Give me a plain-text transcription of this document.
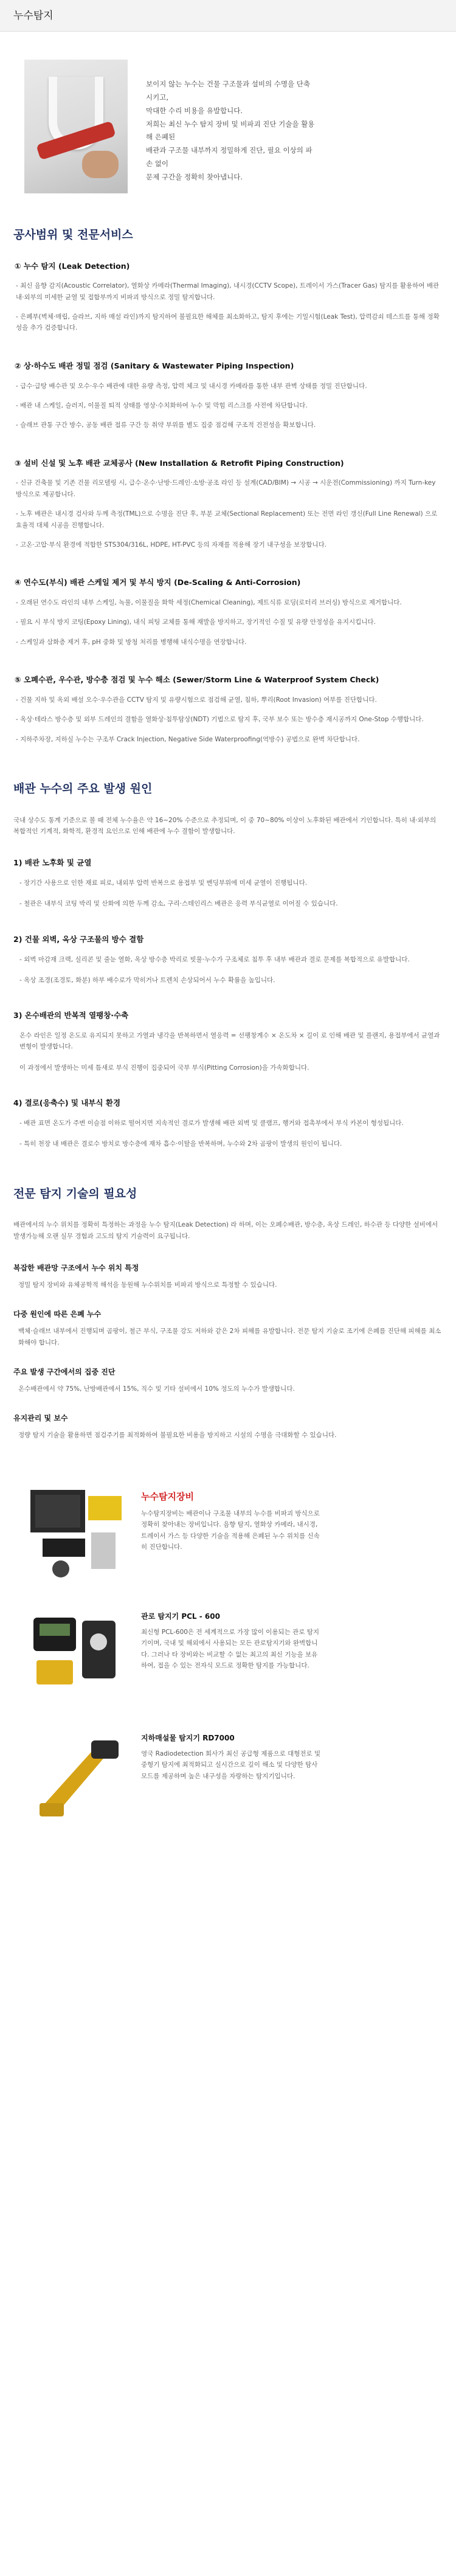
누수탐지

보이지 않는 누수는 건물 구조물과 설비의 수명을 단축시키고,

막대한 수리 비용을 유발합니다.

저희는 최신 누수 탐지 장비 및 비파괴 진단 기술을 활용해 은폐된

배관과 구조물 내부까지 정밀하게 진단, 필요 이상의 파손 없이

문제 구간을 정확히 찾아냅니다.

공사범위 및 전문서비스
① 누수 탐지 (Leak Detection)

- 최신 음향 감지(Acoustic Correlator), 열화상 카메라(Thermal Imaging), 내시경(CCTV Scope), 트레이서 가스(Tracer Gas) 탐지를 활용하여 배관 내·외부의 미세한 균열 및 접합부까지 비파괴 방식으로 정밀 탐지합니다.

- 은폐부(벽체·매립, 슬라브, 지하 매설 라인)까지 탐지하여 불필요한 해체를 최소화하고, 탐지 후에는 기밀시험(Leak Test), 압력감쇠 테스트를 통해 정확성을 추가 검증합니다.

② 상·하수도 배관 정밀 점검 (Sanitary & Wastewater Piping Inspection)

- 급수·급탕 배수관 및 오수·우수 배관에 대한 유량 측정, 압력 체크 및 내시경 카메라를 통한 내부 관벽 상태를 정밀 진단합니다.

- 배관 내 스케일, 슬러지, 이물질 퇴적 상태를 영상·수치화하여 누수 및 막힘 리스크를 사전에 차단합니다.

- 슬래브 관통 구간 방수, 공동 배관 접류 구간 등 취약 부위를 별도 집중 점검해 구조적 건전성을 확보합니다.

③ 설비 신설 및 노후 배관 교체공사 (New Installation & Retrofit Piping Construction)

- 신규 건축물 및 기존 건물 리모델링 시, 급수·온수·난방·드레인·소방·공조 라인 등 설계(CAD/BIM) → 시공 → 시운전(Commissioning) 까지 Turn-key 방식으로 제공합니다.

- 노후 배관은 내시경 검사와 두께 측정(TML)으로 수명을 진단 후, 부분 교체(Sectional Replacement) 또는 전면 라인 갱신(Full Line Renewal) 으로 효율적 대체 시공을 진행합니다.

- 고온·고압·부식 환경에 적합한 STS304/316L, HDPE, HT-PVC 등의 자재를 적용해 장기 내구성을 보장합니다.

④ 연수도(부식) 배관 스케일 제거 및 부식 방지 (De-Scaling & Anti-Corrosion)

- 오래된 연수도 라인의 내부 스케일, 녹물, 이물질을 화학 세정(Chemical Cleaning), 제트식류 로딩(로터리 브러싱) 방식으로 제거합니다.

- 필요 시 부식 방지 코팅(Epoxy Lining), 내식 피팅 교체를 통해 재발을 방지하고, 장기적인 수질 및 유량 안정성을 유지시킵니다.

- 스케일과 삼화층 제거 후, pH 중화 및 방청 처리를 병행해 내식수명을 연장합니다.

⑤ 오폐수관, 우수관, 방수층 점검 및 누수 해소 (Sewer/Storm Line & Waterproof System Check)

- 건물 지하 및 옥외 배설 오수·우수관을 CCTV 탐지 및 유량시험으로 점검해 균열, 침하, 뿌리(Root Invasion) 여부를 진단합니다.

- 옥상·테라스 방수층 및 외부 드레인의 결함을 열화상·침투탐상(NDT) 기법으로 탐지 후, 국부 보수 또는 방수층 재시공까지 One-Stop 수행합니다.

- 지하주차장, 지하실 누수는 구조부 Crack Injection, Negative Side Waterproofing(역방수) 공법으로 완벽 차단합니다.

배관 누수의 주요 발생 원인

국내 상수도 통계 기준으로 볼 때 전체 누수율은 약 16~20% 수준으로 추정되며, 이 중 70~80% 이상이 노후화된 배관에서 기인합니다. 특히 내·외부의 복합적인 기계적, 화학적, 환경적 요인으로 인해 배관에 누수 결함이 발생합니다.

1) 배관 노후화 및 균열

- 장기간 사용으로 인한 재료 피로, 내외부 압력 반복으로 용접부 및 벤딩부위에 미세 균열이 진행됩니다.

- 철관은 내부식 코팅 박리 및 산화에 의한 두께 감소, 구리·스테인리스 배관은 응력 부식균열로 이어질 수 있습니다.

2) 건물 외벽, 옥상 구조물의 방수 결함

- 외벽 마감재 크랙, 실리콘 및 줄눈 열화, 옥상 방수층 박리로 빗물·누수가 구조체로 침투 후 내부 배관과 결로 문제를 복합적으로 유발합니다.

- 옥상 조경(조경토, 화분) 하부 배수로가 막히거나 트렌치 손상되어서 누수 확률을 높입니다.

3) 온수배관의 반복적 열팽창·수축

온수 라인은 일정 온도로 유지되지 못하고 가열과 냉각을 반복하면서 열응력 = 선팽창계수 × 온도차 × 길이 로 인해 배관 및 플랜지, 용접부에서 균열과 변형이 발생합니다.

이 과정에서 발생하는 미세 틈새로 부식 진행이 집중되어 국부 부식(Pitting Corrosion)을 가속화합니다.

4) 결로(응축수) 및 내부식 환경

- 배관 표면 온도가 주변 이슬점 이하로 떨어지면 지속적인 결로가 발생해 배관 외벽 및 클램프, 행거와 접촉부에서 부식 카본이 형성됩니다.

- 특히 천장 내 배관은 결로수 방치로 방수층에 재차 흡수·이탈을 반복하며, 누수와 2차 곰팡이 발생의 원인이 됩니다.

전문 탐지 기술의 필요성

배관에서의 누수 위치를 정확히 특정하는 과정을 누수 탐지(Leak Detection) 라 하며, 이는 오폐수배관, 방수층, 옥상 드레인, 하수관 등 다양한 설비에서 발생가능해 오랜 실무 경험과 고도의 탐지 기술력이 요구됩니다.

복잡한 배관망 구조에서 누수 위치 특정

정밀 탐지 장비와 유체공학적 해석을 동원해 누수위치를 비파괴 방식으로 특정할 수 있습니다.

다중 원인에 따른 은폐 누수

백체·슬래브 내부에서 진행되며 곰팡이, 철근 부식, 구조물 강도 저하와 같은 2차 피해를 유발합니다. 전문 탐지 기술로 조기에 은폐를 진단해 피해를 최소화해야 합니다.

주요 발생 구간에서의 집중 진단

온수배관에서 약 75%, 난방배관에서 15%, 직수 및 기타 설비에서 10% 정도의 누수가 발생합니다.

유지관리 및 보수

정량 탐지 기술을 활용하면 점검주기를 최적화하여 불필요한 비용을 방지하고 시설의 수명을 극대화할 수 있습니다.

누수탐지장비

누수탐지장비는 배관이나 구조물 내부의 누수를 비파괴 방식으로 정확히 찾아내는 장비입니다. 음향 탐지, 열화상 카메라, 내시경, 트레이서 가스 등 다양한 기술을 적용해 은폐된 누수 위치를 신속히 진단합니다.

관로 탐지기 PCL - 600

최신형 PCL-600은 전 세계적으로 가장 많이 이용되는 관로 탐지기이며, 국내 및 해외에서 사용되는 모든 관로탐지기와 완벽합니다. 그러나 타 장비와는 비교할 수 없는 최고의 최신 기능을 보유하여, 접을 수 있는 전자식 모드로 정확한 탐지를 가능합니다.

지하매설물 탐지기 RD7000

영국 Radiodetection 회사가 최신 공급형 제품으로 대형전로 및 중형기 탐지에 최적화되고 실시간으로 깊이 해소 및 다양한 탐사모드를 제공하며 높은 내구성을 자랑하는 탐지기입니다.
